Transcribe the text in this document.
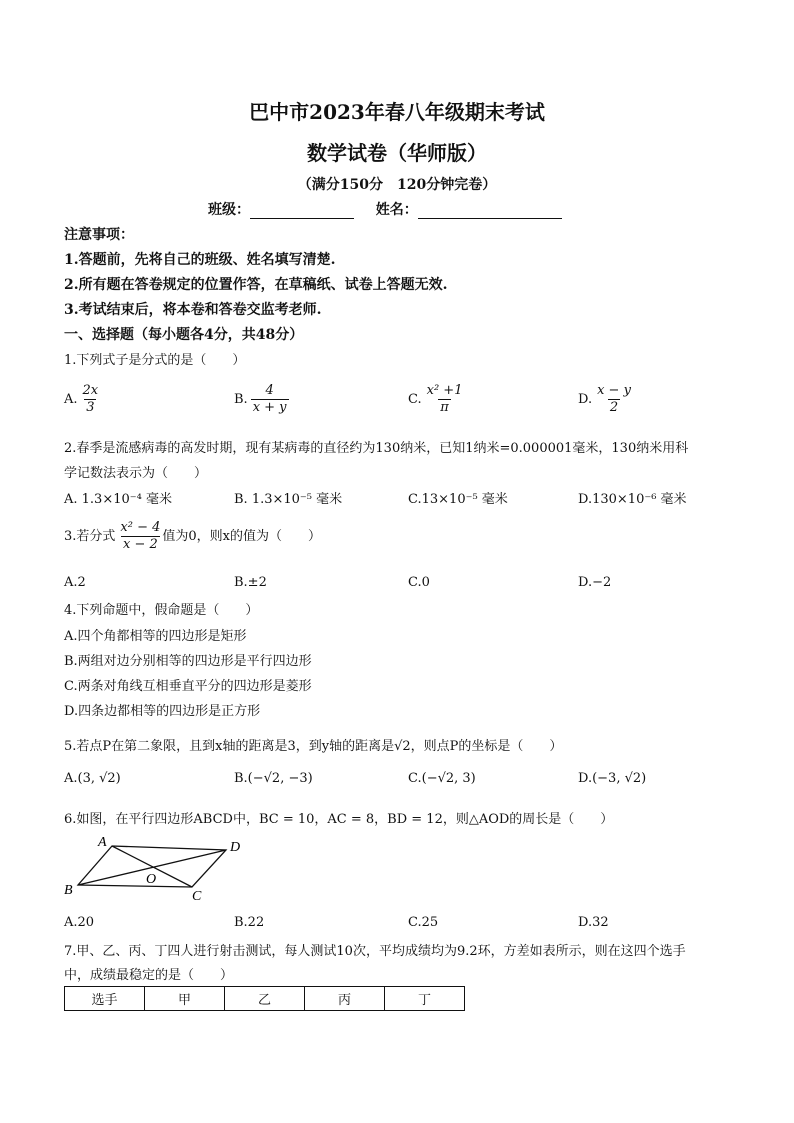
巴中市2023年春八年级期末考试
数学试卷（华师版）
（满分150分　120分钟完卷）
班级：	姓名：
注意事项：
1.答题前，先将自己的班级、姓名填写清楚.
2.所有题在答卷规定的位置作答，在草稿纸、试卷上答题无效.
3.考试结束后，将本卷和答卷交监考老师.
一、选择题（每小题各4分，共48分）
1.下列式子是分式的是（　　）
A. $\frac{2x}{3}$	B. $\frac{4}{x + y}$	C. $\frac{\text{x² +1}}{\pi}$	D. $\frac{x - y}{2}$
2.春季是流感病毒的高发时期，现有某病毒的直径约为130纳米，已知1纳米=0.000001毫米，130纳米用科
学记数法表示为（　　）
A. 1.3×10⁻⁴ 毫米	B. 1.3×10⁻⁵ 毫米	C.13×10⁻⁵ 毫米	D.130×10⁻⁶ 毫米
3.若分式 $\frac{\text{x² − 4}}{x - 2}$ 值为0，则x的值为（　　）
A.2	B.±2	C.0	D.−2
4.下列命题中，假命题是（　　）
A.四个角都相等的四边形是矩形
B.两组对边分别相等的四边形是平行四边形
C.两条对角线互相垂直平分的四边形是菱形
D.四条边都相等的四边形是正方形
5.若点P在第二象限，且到x轴的距离是3，到y轴的距离是√2，则点P的坐标是（　　）
A.(3, √2)	B.(−√2, −3)	C.(−√2, 3)	D.(−3, √2)
6.如图，在平行四边形ABCD中，BC = 10，AC = 8，BD = 12，则△AOD的周长是（　　）
A	D
B	C
O
A.20	B.22	C.25	D.32
7.甲、乙、丙、丁四人进行射击测试，每人测试10次，平均成绩均为9.2环，方差如表所示，则在这四个选手
中，成绩最稳定的是（　　）
选手	甲	乙	丙	丁
